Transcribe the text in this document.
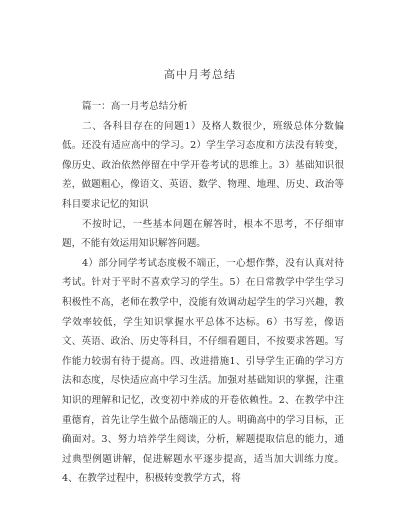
高中月考总结

篇一：高一月考总结分析

二、各科目存在的问题1）及格人数很少，班级总体分数偏低。还没有适应高中的学习。2）学生学习态度和方法没有转变，像历史、政治依然停留在中学开卷考试的思维上。3）基础知识很差，做题粗心，像语文、英语、数学、物理、地理、历史、政治等科目要求记忆的知识

不按时记，一些基本问题在解答时，根本不思考，不仔细审题，不能有效运用知识解答问题。

4）部分同学考试态度极不端正，一心想作弊，没有认真对待考试。针对于平时不喜欢学习的学生。5）在日常教学中学生学习积极性不高，老师在教学中，没能有效调动起学生的学习兴趣，教学效率较低，学生知识掌握水平总体不达标。6）书写差，像语文、英语、政治、历史等科目，不仔细看题目，不按要求答题。写作能力较弱有待于提高。四、改进措施1、引导学生正确的学习方法和态度，尽快适应高中学习生活。加强对基础知识的掌握，注重知识的理解和记忆，改变初中养成的开卷依赖性。2、在教学中注重德育，首先让学生做个品德端正的人。明确高中的学习目标，正确面对。3、努力培养学生阅读，分析，解题提取信息的能力，通过典型例题讲解，促进解题水平逐步提高，适当加大训练力度。4、在教学过程中，积极转变教学方式，将
